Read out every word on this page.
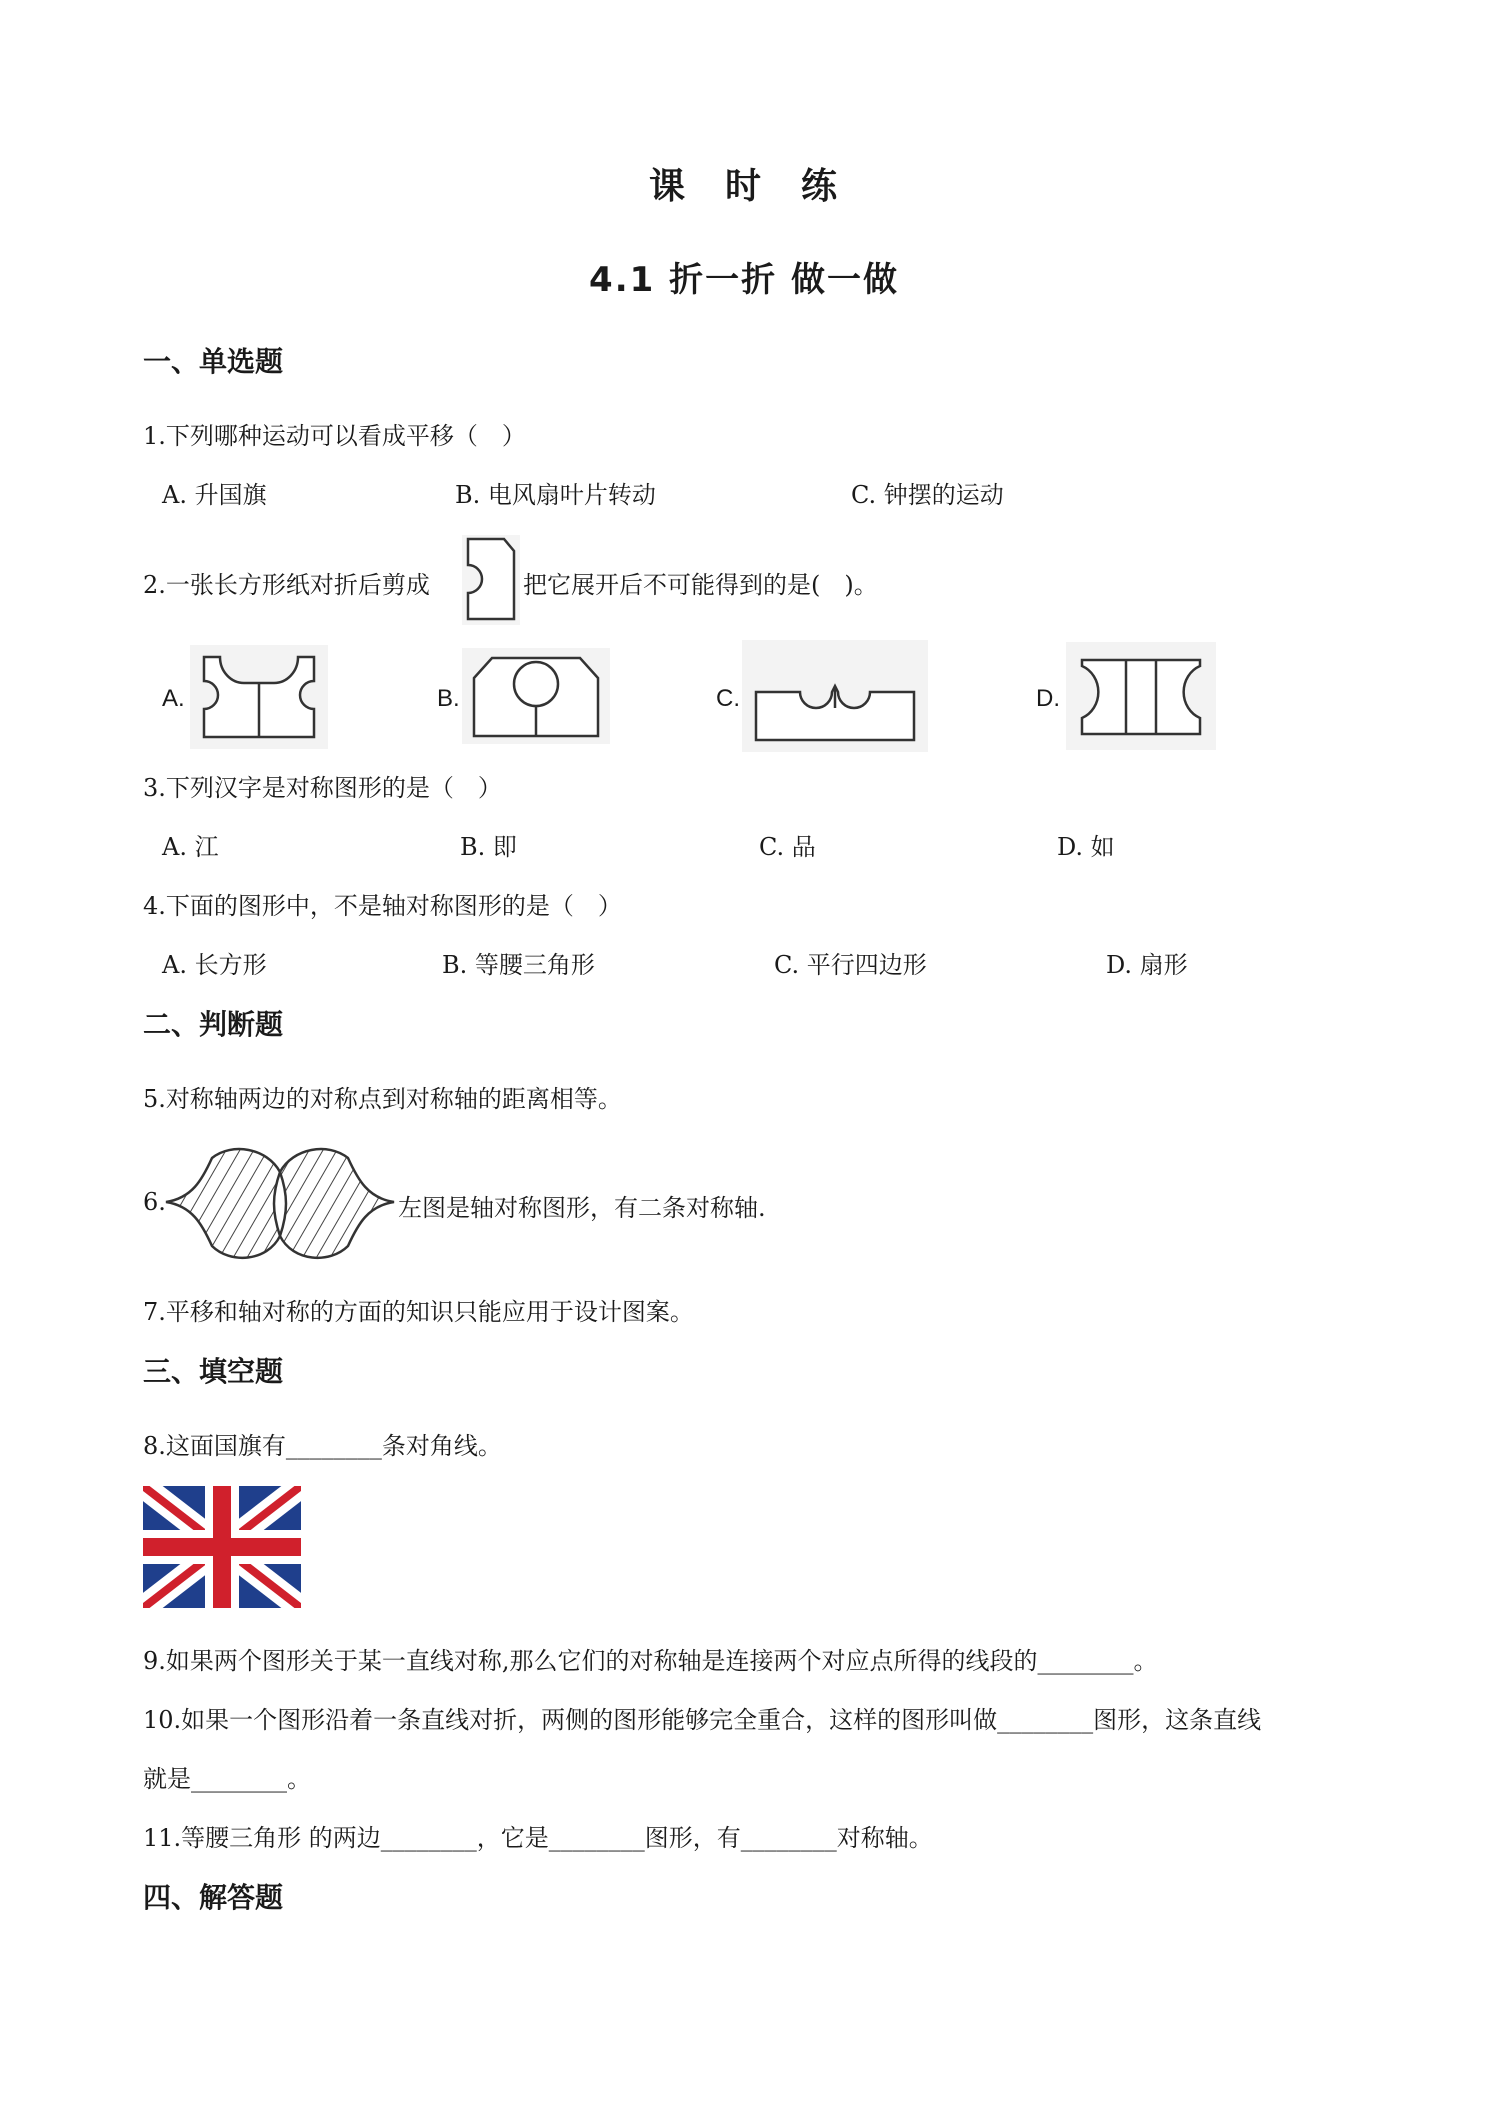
课　时　练
4.1 折一折 做一做
一、单选题
1.下列哪种运动可以看成平移（　）
A. 升国旗	B. 电风扇叶片转动	C. 钟摆的运动
2.一张长方形纸对折后剪成	把它展开后不可能得到的是(　)。
A.	B.	C.	D.
3.下列汉字是对称图形的是（　）
A. 江	B. 即	C. 品	D. 如
4.下面的图形中，不是轴对称图形的是（　）
A. 长方形	B. 等腰三角形	C. 平行四边形	D. 扇形
二、判断题
5.对称轴两边的对称点到对称轴的距离相等。
6.	左图是轴对称图形，有二条对称轴.
7.平移和轴对称的方面的知识只能应用于设计图案。
三、填空题
8.这面国旗有________条对角线。
9.如果两个图形关于某一直线对称,那么它们的对称轴是连接两个对应点所得的线段的________。
10.如果一个图形沿着一条直线对折，两侧的图形能够完全重合，这样的图形叫做________图形，这条直线
就是________。
11.等腰三角形 的两边________，它是________图形，有________对称轴。
四、解答题
